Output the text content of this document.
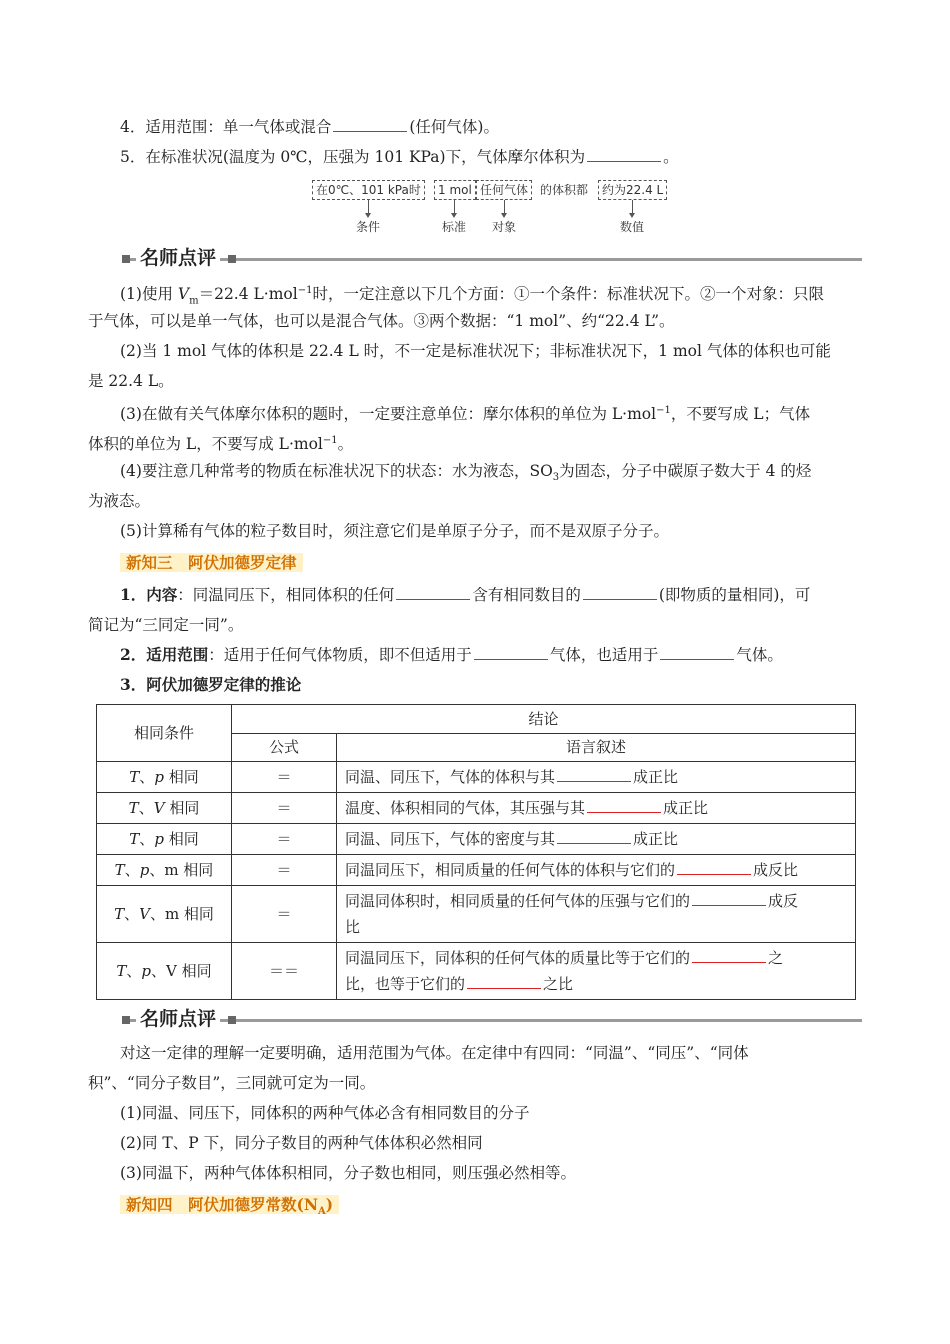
4．适用范围：单一气体或混合	(任何气体)。
5．在标准状况(温度为 0℃，压强为 101 KPa)下，气体摩尔体积为	。
在0℃、101 kPa时	1 mol 任何气体 的体积都	约为22.4 L
条件	标准 对象	数值
名师点评
(1)使用 $V_m=22.4$ L·mol$^{-1}$时，一定注意以下几个方面：①一个条件：标准状况下。②一个对象：只限
于气体，可以是单一气体，也可以是混合气体。③两个数据：“1 mol”、约“22.4 L”。
(2)当 1 mol 气体的体积是 22.4 L 时，不一定是标准状况下；非标准状况下，1 mol 气体的体积也可能
是 22.4 L。
(3)在做有关气体摩尔体积的题时，一定要注意单位：摩尔体积的单位为 L·mol$^{-1}$，不要写成 L；气体
体积的单位为 L，不要写成 L·mol$^{-1}$。
(4)要注意几种常考的物质在标准状况下的状态：水为液态，$SO_3$为固态，分子中碳原子数大于 4 的烃
为液态。
(5)计算稀有气体的粒子数目时，须注意它们是单原子分子，而不是双原子分子。
新知三　阿伏加德罗定律
1．内容：同温同压下，相同体积的任何	含有相同数目的	(即物质的量相同)，可
简记为“三同定一同”。
2．适用范围：适用于任何气体物质，即不但适用于	气体，也适用于	气体。
3．阿伏加德罗定律的推论
相同条件	结论	
	公式	语言叙述
T、p 相同	＝	同温、同压下，气体的体积与其 成正比
T、V 相同	＝	温度、体积相同的气体，其压强与其 成正比
T、p 相同	＝	同温、同压下，气体的密度与其 成正比
T、p、m 相同	＝	同温同压下，相同质量的任何气体的体积与它们的 成反比
T、V、m 相同	＝	同温同体积时，相同质量的任何气体的压强与它们的 成反
比
T、p、V 相同	＝＝	同温同压下，同体积的任何气体的质量比等于它们的 之
比，也等于它们的 之比
名师点评
对这一定律的理解一定要明确，适用范围为气体。在定律中有四同：“同温”、“同压”、“同体
积”、“同分子数目”，三同就可定为一同。
(1)同温、同压下，同体积的两种气体必含有相同数目的分子
(2)同 T、P 下，同分子数目的两种气体体积必然相同
(3)同温下，两种气体体积相同，分子数也相同，则压强必然相等。
新知四　阿伏加德罗常数$(N_A)$
